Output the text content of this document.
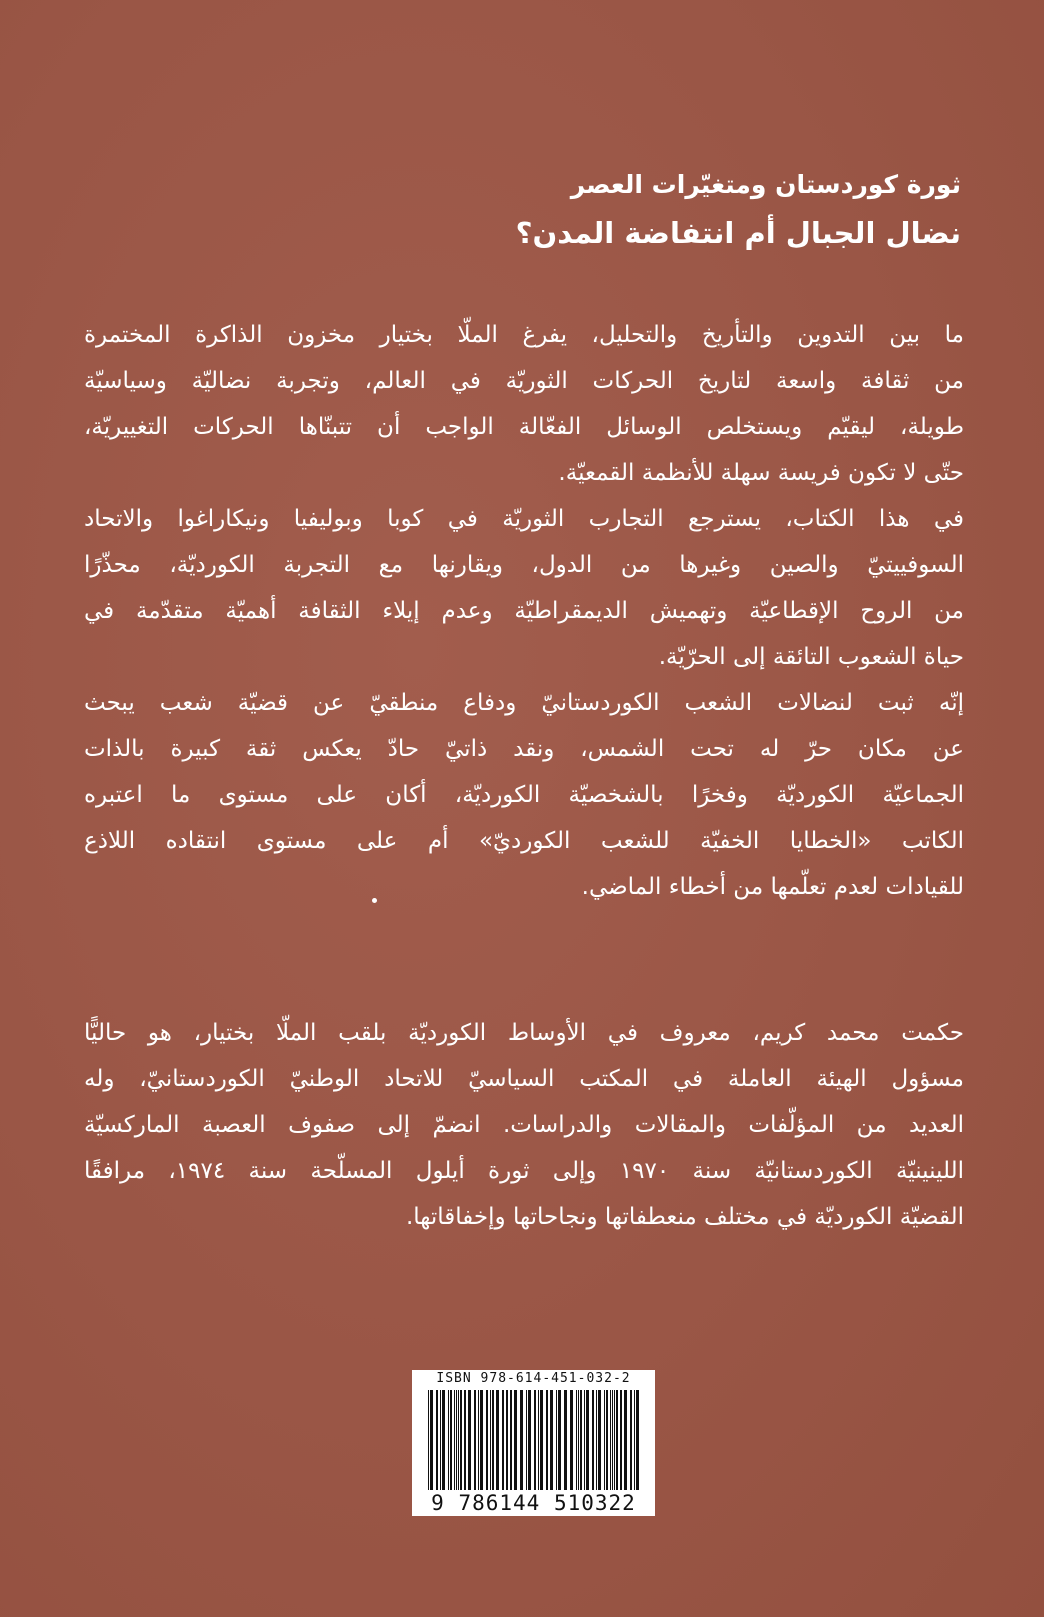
ثورة كوردستان ومتغيّرات العصر
نضال الجبال أم انتفاضة المدن؟
ما بين التدوين والتأريخ والتحليل، يفرغ الملّا بختيار مخزون الذاكرة المختمرة
من ثقافة واسعة لتاريخ الحركات الثوريّة في العالم، وتجربة نضاليّة وسياسيّة
طويلة، ليقيّم ويستخلص الوسائل الفعّالة الواجب أن تتبنّاها الحركات التغييريّة،
حتّى لا تكون فريسة سهلة للأنظمة القمعيّة.
في هذا الكتاب، يسترجع التجارب الثوريّة في كوبا وبوليفيا ونيكاراغوا والاتحاد
السوفييتيّ والصين وغيرها من الدول، ويقارنها مع التجربة الكورديّة، محذّرًا
من الروح الإقطاعيّة وتهميش الديمقراطيّة وعدم إيلاء الثقافة أهميّة متقدّمة في
حياة الشعوب التائقة إلى الحرّيّة.
إنّه ثبت لنضالات الشعب الكوردستانيّ ودفاع منطقيّ عن قضيّة شعب يبحث
عن مكان حرّ له تحت الشمس، ونقد ذاتيّ حادّ يعكس ثقة كبيرة بالذات
الجماعيّة الكورديّة وفخرًا بالشخصيّة الكورديّة، أكان على مستوى ما اعتبره
الكاتب «الخطايا الخفيّة للشعب الكورديّ» أم على مستوى انتقاده اللاذع
للقيادات لعدم تعلّمها من أخطاء الماضي.
حكمت محمد كريم، معروف في الأوساط الكورديّة بلقب الملّا بختيار، هو حاليًّا
مسؤول الهيئة العاملة في المكتب السياسيّ للاتحاد الوطنيّ الكوردستانيّ، وله
العديد من المؤلّفات والمقالات والدراسات. انضمّ إلى صفوف العصبة الماركسيّة
اللينينيّة الكوردستانيّة سنة ١٩٧٠ وإلى ثورة أيلول المسلّحة سنة ١٩٧٤، مرافقًا
القضيّة الكورديّة في مختلف منعطفاتها ونجاحاتها وإخفاقاتها.
ISBN 978-614-451-032-2
9 786144 510322
